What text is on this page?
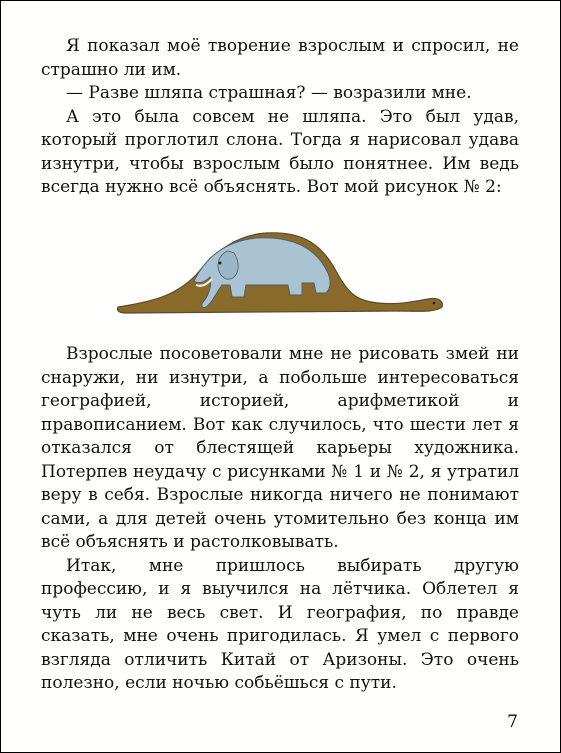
Я показал моё творение взрослым и спросил, не страшно ли им.

— Разве шляпа страшная? — возразили мне.

А это была совсем не шляпа. Это был удав, который проглотил слона. Тогда я нарисовал удава изнутри, чтобы взрослым было понятнее. Им ведь всегда нужно всё объяснять. Вот мой рисунок № 2:

Взрослые посоветовали мне не рисовать змей ни снаружи, ни изнутри, а побольше интересоваться географией, историей, арифметикой и правописанием. Вот как случилось, что шести лет я отказался от блестящей карьеры художника. Потерпев неудачу с рисунками № 1 и № 2, я утратил веру в себя. Взрослые никогда ничего не понимают сами, а для детей очень утомительно без конца им всё объяснять и растолковывать.

Итак, мне пришлось выбирать другую профессию, и я выучился на лётчика. Облетел я чуть ли не весь свет. И география, по правде сказать, мне очень пригодилась. Я умел с первого взгляда отличить Китай от Аризоны. Это очень полезно, если ночью собьёшься с пути.

7
